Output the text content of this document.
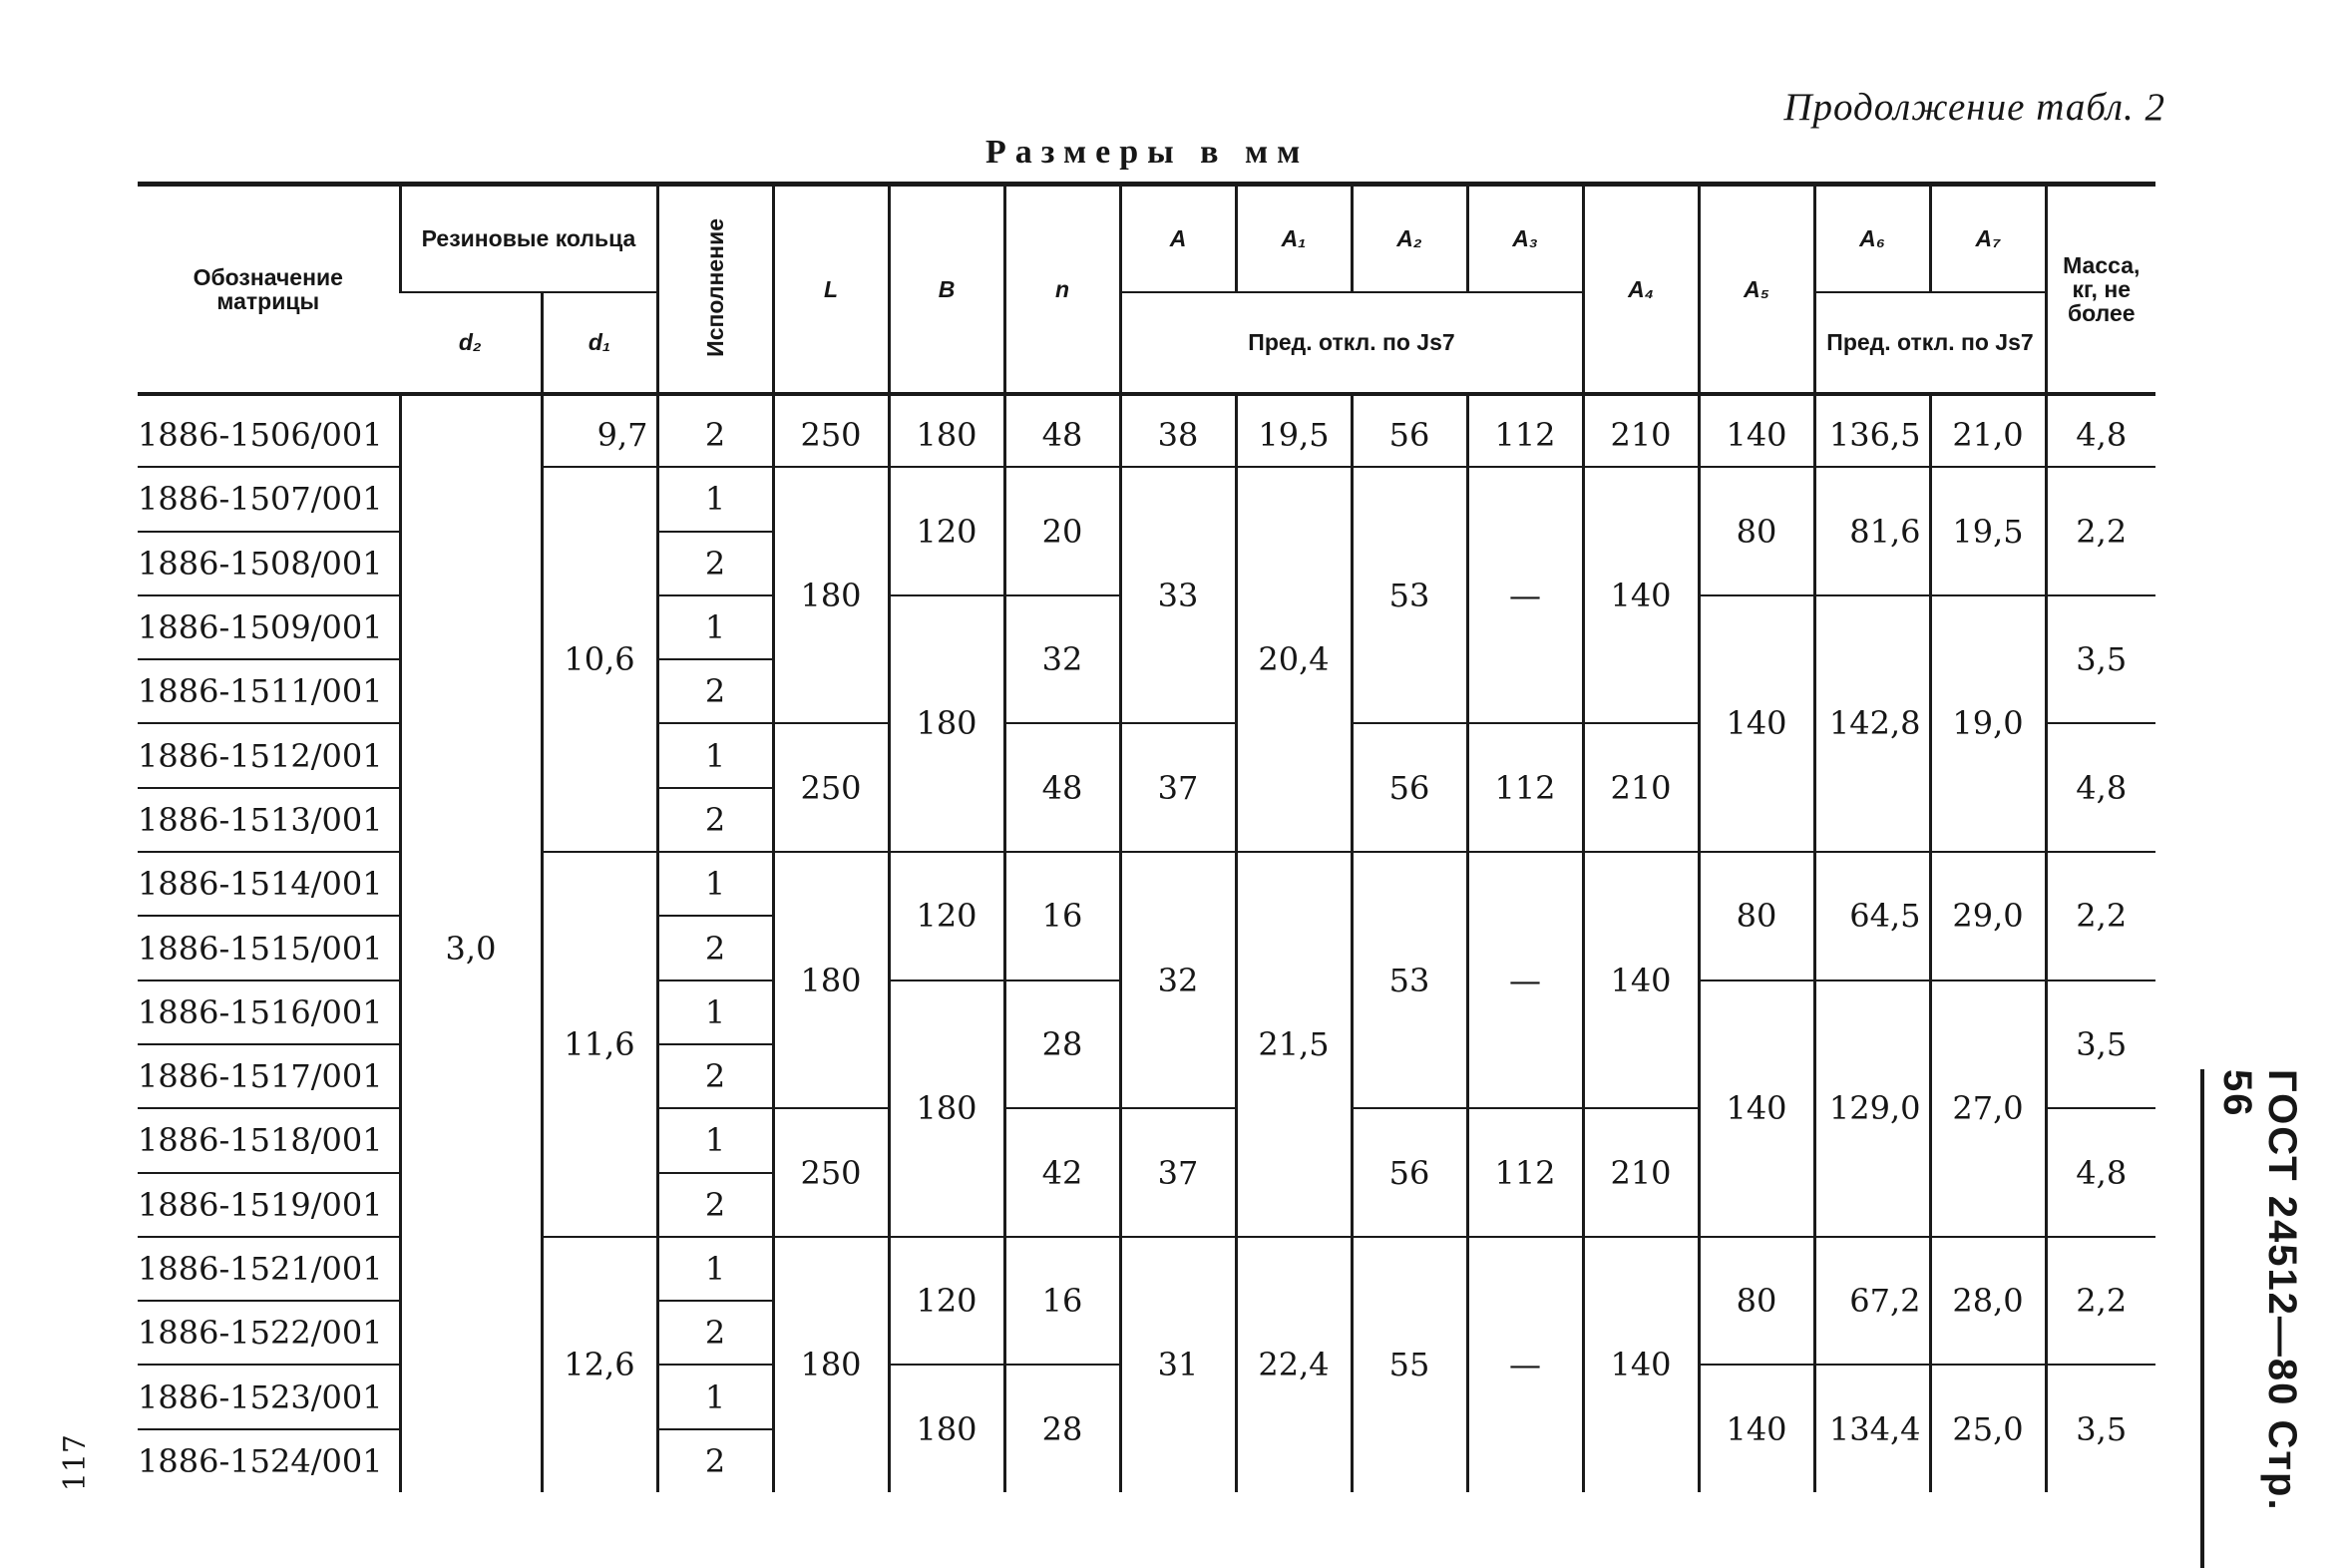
Продолжение табл. 2
Размеры в мм
Обозначение матрицы	Резиновые кольца		Исполнение	L	B	n	A	A₁	A₂	A₃	A₄	A₅	A₆	A₇	Масса, кг, не более
	d₂	d₁					Пред. откл. по Js7						Пред. откл. по Js7		
1886-1506/001	3,0	9,7	2	250	180	48	38	19,5	56	112	210	140	136,5	21,0	4,8
1886-1507/001		10,6	1	180	120	20	33	20,4	53	—	140	80	81,6	19,5	2,2
1886-1508/001			2												
1886-1509/001			1		180	32						140	142,8	19,0	3,5
1886-1511/001			2												
1886-1512/001			1	250		48	37		56	112	210				4,8
1886-1513/001			2												
1886-1514/001		11,6	1	180	120	16	32	21,5	53	—	140	80	64,5	29,0	2,2
1886-1515/001			2												
1886-1516/001			1		180	28						140	129,0	27,0	3,5
1886-1517/001			2												
1886-1518/001			1	250		42	37		56	112	210				4,8
1886-1519/001			2												
1886-1521/001		12,6	1	180	120	16	31	22,4	55	—	140	80	67,2	28,0	2,2
1886-1522/001			2												
1886-1523/001			1		180	28						140	134,4	25,0	3,5
1886-1524/001			2													ГОСТ 24512—80 Стр. 56
117
